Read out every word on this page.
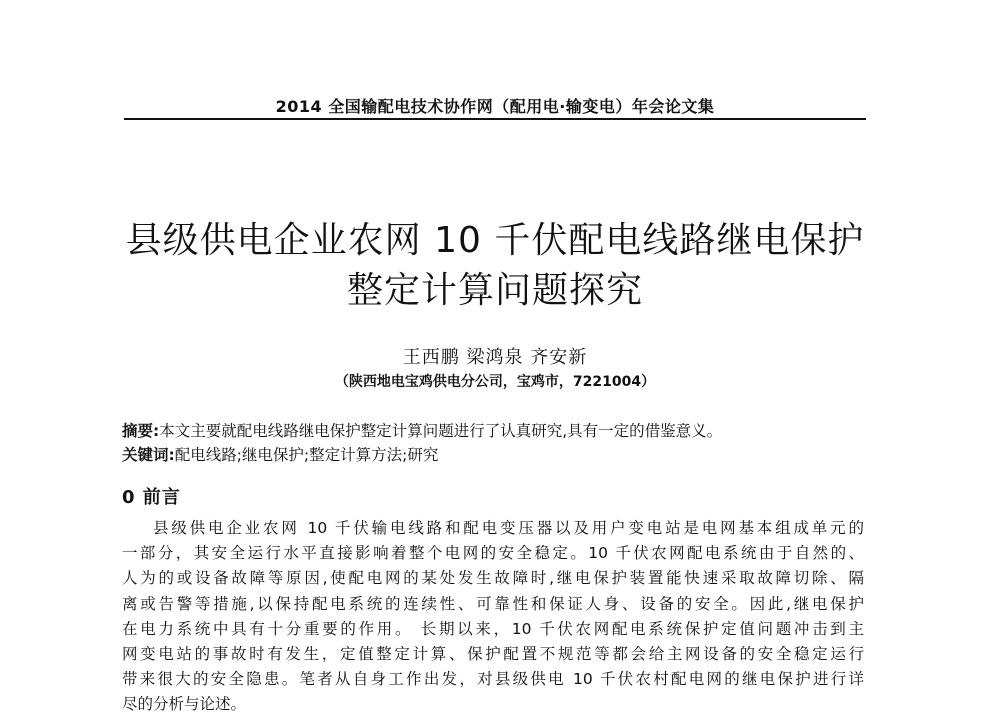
2014 全国输配电技术协作网（配用电·输变电）年会论文集
县级供电企业农网 10 千伏配电线路继电保护
整定计算问题探究
王西鹏 梁鸿泉 齐安新
（陕西地电宝鸡供电分公司，宝鸡市，7221004）
摘要:本文主要就配电线路继电保护整定计算问题进行了认真研究,具有一定的借鉴意义。
关键词:配电线路;继电保护;整定计算方法;研究
0 前言
县级供电企业农网 10 千伏输电线路和配电变压器以及用户变电站是电网基本组成单元的
一部分，其安全运行水平直接影响着整个电网的安全稳定。10 千伏农网配电系统由于自然的、
人为的或设备故障等原因,使配电网的某处发生故障时,继电保护装置能快速采取故障切除、隔
离或告警等措施,以保持配电系统的连续性、可靠性和保证人身、设备的安全。因此,继电保护
在电力系统中具有十分重要的作用。 长期以来，10 千伏农网配电系统保护定值问题冲击到主
网变电站的事故时有发生，定值整定计算、保护配置不规范等都会给主网设备的安全稳定运行
带来很大的安全隐患。笔者从自身工作出发，对县级供电 10 千伏农村配电网的继电保护进行详
尽的分析与论述。
